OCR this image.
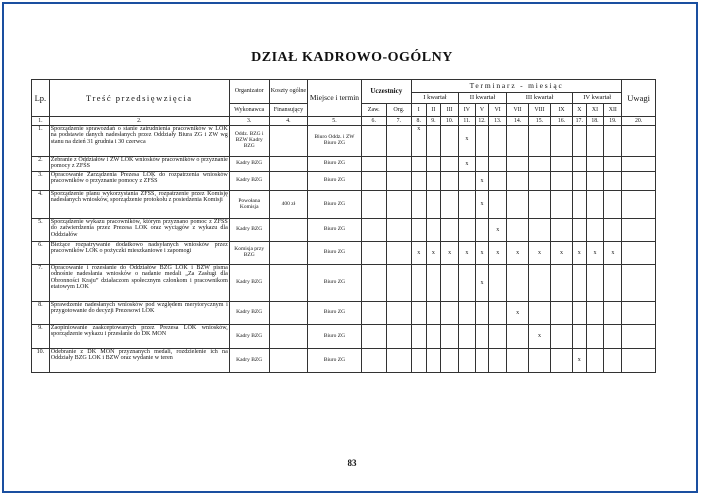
DZIAŁ KADROWO-OGÓLNY
Lp.	Treść przedsięwzięcia	Organizator	Koszty ogólne	Miejsce i termin	Uczestnicy		Terminarz - miesiąc												Uwagi
							I kwartał			II kwartał			III kwartał			IV kwartał			
		Wykonawca	Finansujący		Zaw.	Org.	I	II	III	IV	V	VI	VII	VIII	IX	X	XI	XII	

1.	2.	3.	4.	5.	6.	7.	8.	9.	10.	11.	12.	13.	14.	15.	16.	17.	18.	19.	20.
1.	Sporządzenie sprawozdań o stanie zatrudnienia pracowników w LOK na podstawie danych nadesłanych przez Oddziały Biura ZG i ZW wg stanu na dzień 31 grudnia i 30 czerwca	Oddz. BZG i BZW Kadry BZG		Biuro Oddz. i ZW Biuro ZG			x			x									

2.	Zebranie z Oddziałów i ZW LOK wniosków pracowników o przyznanie pomocy z ZFŚS	Kadry BZG		Biuro ZG						x									
3.	Opracowanie Zarządzenia Prezesa LOK do rozpatrzenia wniosków pracowników o przyznanie pomocy z ZFŚS	Kadry BZG		Biuro ZG							x								
4.	Sporządzenie planu wykorzystania ZFŚS, rozpatrzenie przez Komisję nadesłanych wniosków, sporządzenie protokołu z posiedzenia Komisji	Powołana Komisja	400 zł	Biuro ZG							x								
5.	Sporządzenie wykazu pracowników, którym przyznano pomoc z ZFŚS do zatwierdzenia przez Prezesa LOK oraz wyciągów z wykazu dla Oddziałów	Kadry BZG		Biuro ZG								x							
6.	Bieżące rozpatrywanie dodatkowo nadsyłanych wniosków przez pracowników LOK o pożyczki mieszkaniowe i zapomogi	Komisja przy BZG		Biuro ZG			x	x	x	x	x	x	x	x	x	x	x	x	
7.	Opracowanie i rozesłanie do Oddziałów BZG LOK i BZW pisma odnośnie nadesłania wniosków o nadanie medali „Za Zasługi dla Obronności Kraju” działaczom społecznym członkom i pracownikom etatowym LOK	Kadry BZG		Biuro ZG							x								
8.	Sprawdzenie nadesłanych wniosków pod względem merytorycznym i przygotowanie do decyzji Prezesowi LOK	Kadry BZG		Biuro ZG									x						
9.	Zaopiniowanie zaakceptowanych przez Prezesa LOK wniosków, sporządzenie wykazu i przesłanie do DK MON	Kadry BZG		Biuro ZG										x					
10.	Odebranie z DK MON przyznanych medali, rozdzielenie ich na Oddziały BZG LOK i BZW oraz wydanie w teren	Kadry BZG		Biuro ZG												x			
83
